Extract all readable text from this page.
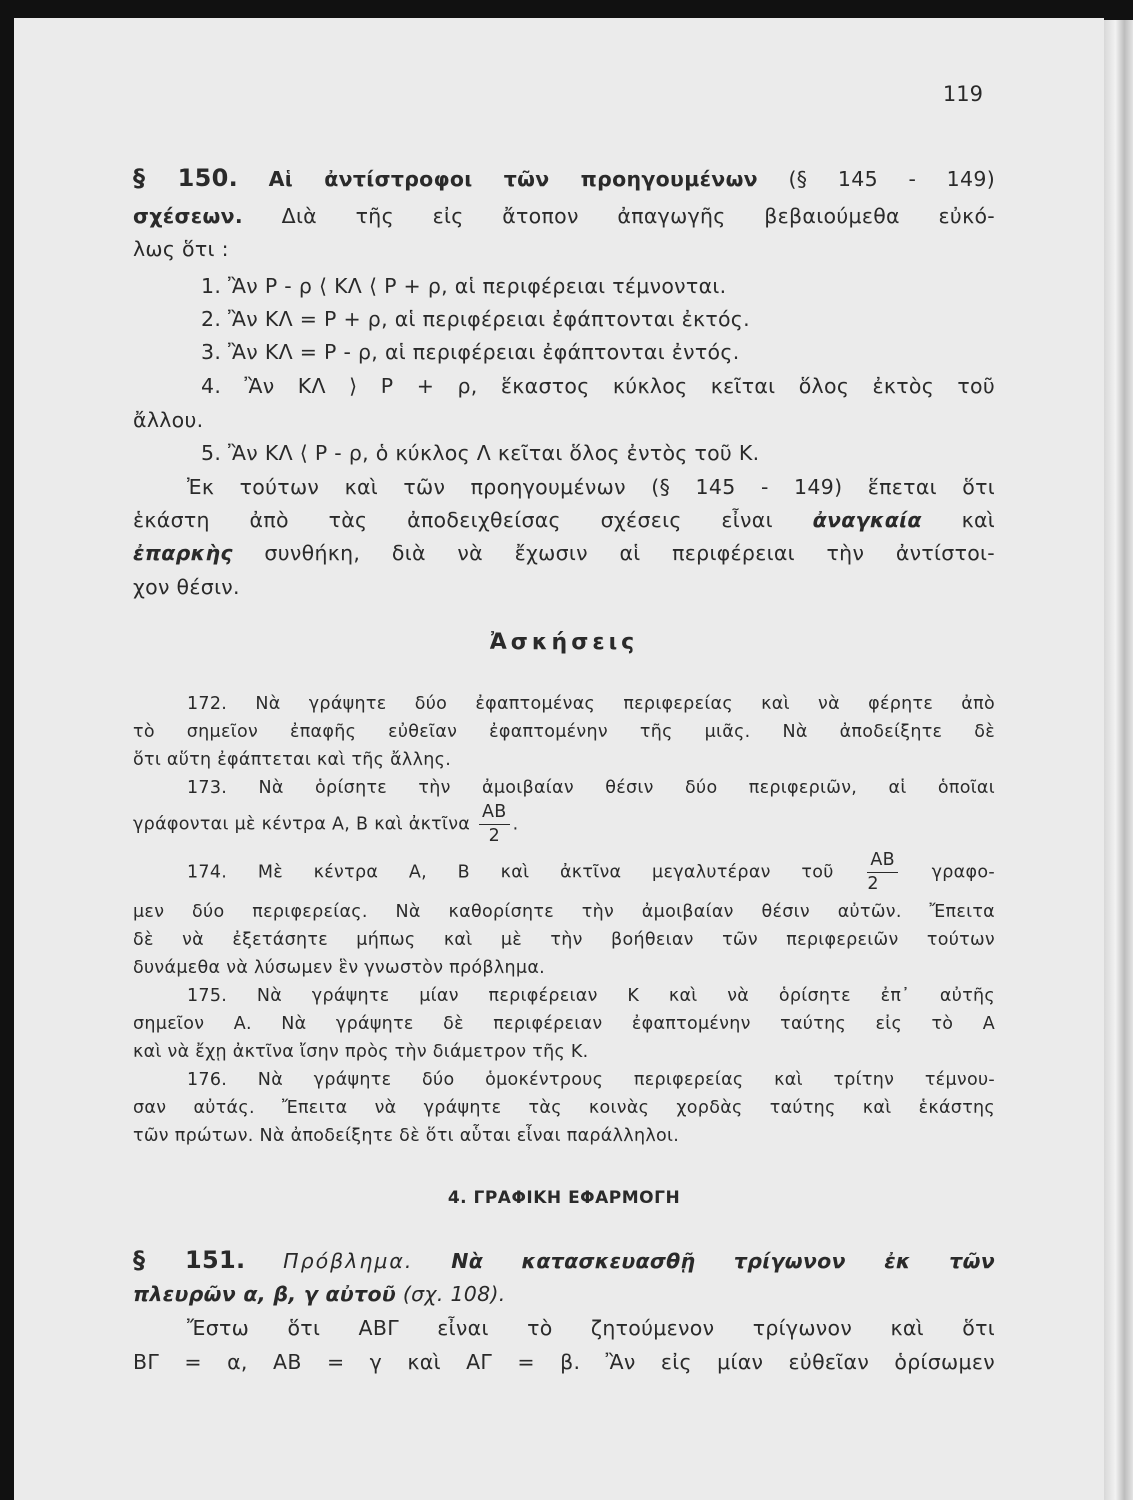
119
§ 150. Αἱ ἀντίστροφοι τῶν προηγουμένων (§ 145 - 149)
σχέσεων. Διὰ τῆς εἰς ἄτοπον ἀπαγωγῆς βεβαιούμεθα εὐκό-
λως ὅτι :
1. Ἂν Ρ - ρ ⟨ ΚΛ ⟨ Ρ + ρ, αἱ περιφέρειαι τέμνονται.
2. Ἂν ΚΛ = Ρ + ρ, αἱ περιφέρειαι ἐφάπτονται ἐκτός.
3. Ἂν ΚΛ = Ρ - ρ, αἱ περιφέρειαι ἐφάπτονται ἐντός.
4. Ἂν ΚΛ ⟩ Ρ + ρ, ἕκαστος κύκλος κεῖται ὅλος ἐκτὸς τοῦ
ἄλλου.
5. Ἂν ΚΛ ⟨ Ρ - ρ, ὁ κύκλος Λ κεῖται ὅλος ἐντὸς τοῦ Κ.
Ἐκ τούτων καὶ τῶν προηγουμένων (§ 145 - 149) ἕπεται ὅτι
ἑκάστη ἀπὸ τὰς ἀποδειχθείσας σχέσεις εἶναι ἀναγκαία καὶ
ἐπαρκὴς συνθήκη, διὰ νὰ ἔχωσιν αἱ περιφέρειαι τὴν ἀντίστοι-
χον θέσιν.
Ἀσκήσεις
172. Νὰ γράψητε δύο ἐφαπτομένας περιφερείας καὶ νὰ φέρητε ἀπὸ
τὸ σημεῖον ἐπαφῆς εὐθεῖαν ἐφαπτομένην τῆς μιᾶς. Νὰ ἀποδείξητε δὲ
ὅτι αὕτη ἐφάπτεται καὶ τῆς ἄλλης.
173. Νὰ ὁρίσητε τὴν ἀμοιβαίαν θέσιν δύο περιφεριῶν, αἱ ὁποῖαι
γράφονται μὲ κέντρα Α, Β καὶ ἀκτῖνα $\frac{AB}{2}$ .
174. Μὲ κέντρα Α, Β καὶ ἀκτῖνα μεγαλυτέραν τοῦ $\frac{AB}{2} \gamma\rho\alpha\varphi o-$
μεν δύο περιφερείας. Νὰ καθορίσητε τὴν ἀμοιβαίαν θέσιν αὐτῶν. Ἔπειτα
δὲ νὰ ἐξετάσητε μήπως καὶ μὲ τὴν βοήθειαν τῶν περιφερειῶν τούτων
δυνάμεθα νὰ λύσωμεν ἓν γνωστὸν πρόβλημα.
175. Νὰ γράψητε μίαν περιφέρειαν Κ καὶ νὰ ὁρίσητε ἐπ᾽ αὐτῆς
σημεῖον Α. Νὰ γράψητε δὲ περιφέρειαν ἐφαπτομένην ταύτης εἰς τὸ Α
καὶ νὰ ἔχῃ ἀκτῖνα ἴσην πρὸς τὴν διάμετρον τῆς Κ.
176. Νὰ γράψητε δύο ὁμοκέντρους περιφερείας καὶ τρίτην τέμνου-
σαν αὐτάς. Ἔπειτα νὰ γράψητε τὰς κοινὰς χορδὰς ταύτης καὶ ἑκάστης
τῶν πρώτων. Νὰ ἀποδείξητε δὲ ὅτι αὗται εἶναι παράλληλοι.
4. ΓΡΑΦΙΚΗ ΕΦΑΡΜΟΓΗ
§ 151. Πρόβλημα. Νὰ κατασκευασθῇ τρίγωνον ἐκ τῶν
πλευρῶν α, β, γ αὐτοῦ (σχ. 108).
Ἔστω ὅτι ΑΒΓ εἶναι τὸ ζητούμενον τρίγωνον καὶ ὅτι
ΒΓ = α, ΑΒ = γ καὶ ΑΓ = β. Ἂν εἰς μίαν εὐθεῖαν ὁρίσωμεν
